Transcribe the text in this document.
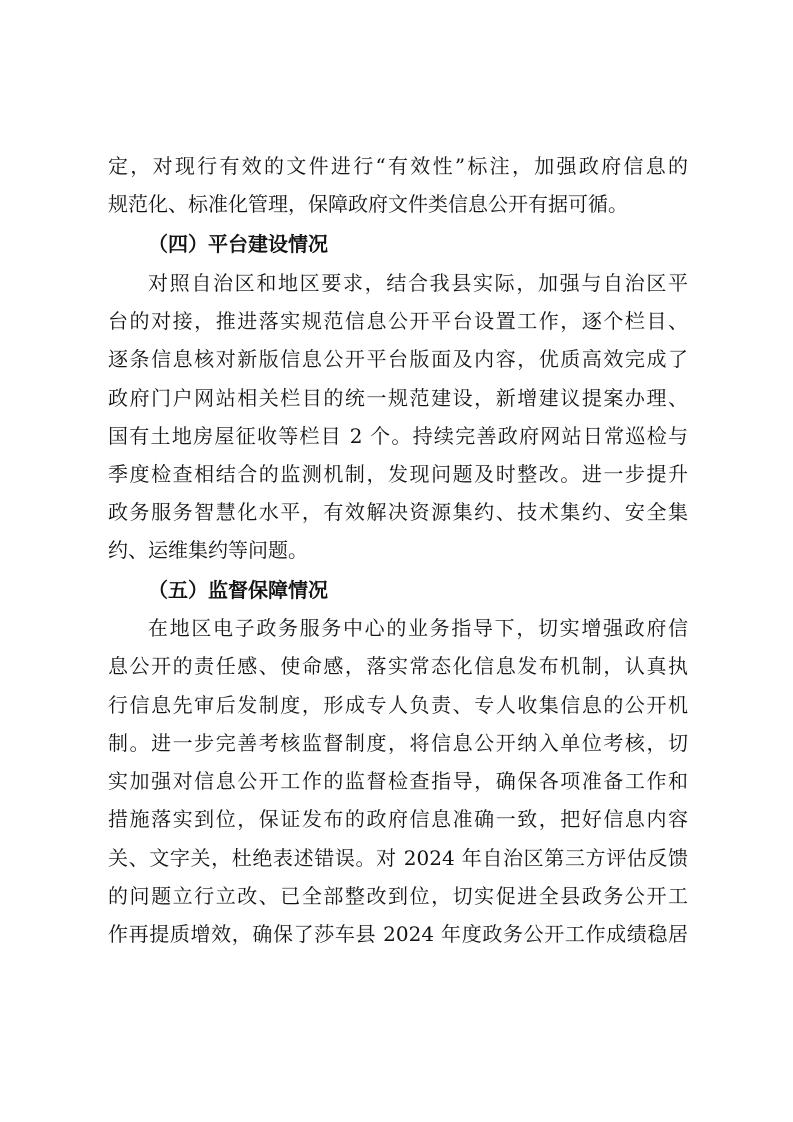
定，对现行有效的文件进行“有效性”标注，加强政府信息的
规范化、标准化管理，保障政府文件类信息公开有据可循。
（四）平台建设情况
对照自治区和地区要求，结合我县实际，加强与自治区平
台的对接，推进落实规范信息公开平台设置工作，逐个栏目、
逐条信息核对新版信息公开平台版面及内容，优质高效完成了
政府门户网站相关栏目的统一规范建设，新增建议提案办理、
国有土地房屋征收等栏目 2 个。持续完善政府网站日常巡检与
季度检查相结合的监测机制，发现问题及时整改。进一步提升
政务服务智慧化水平，有效解决资源集约、技术集约、安全集
约、运维集约等问题。
（五）监督保障情况
在地区电子政务服务中心的业务指导下，切实增强政府信
息公开的责任感、使命感，落实常态化信息发布机制，认真执
行信息先审后发制度，形成专人负责、专人收集信息的公开机
制。进一步完善考核监督制度，将信息公开纳入单位考核，切
实加强对信息公开工作的监督检查指导，确保各项准备工作和
措施落实到位，保证发布的政府信息准确一致，把好信息内容
关、文字关，杜绝表述错误。对 2024 年自治区第三方评估反馈
的问题立行立改、已全部整改到位，切实促进全县政务公开工
作再提质增效，确保了莎车县 2024 年度政务公开工作成绩稳居
